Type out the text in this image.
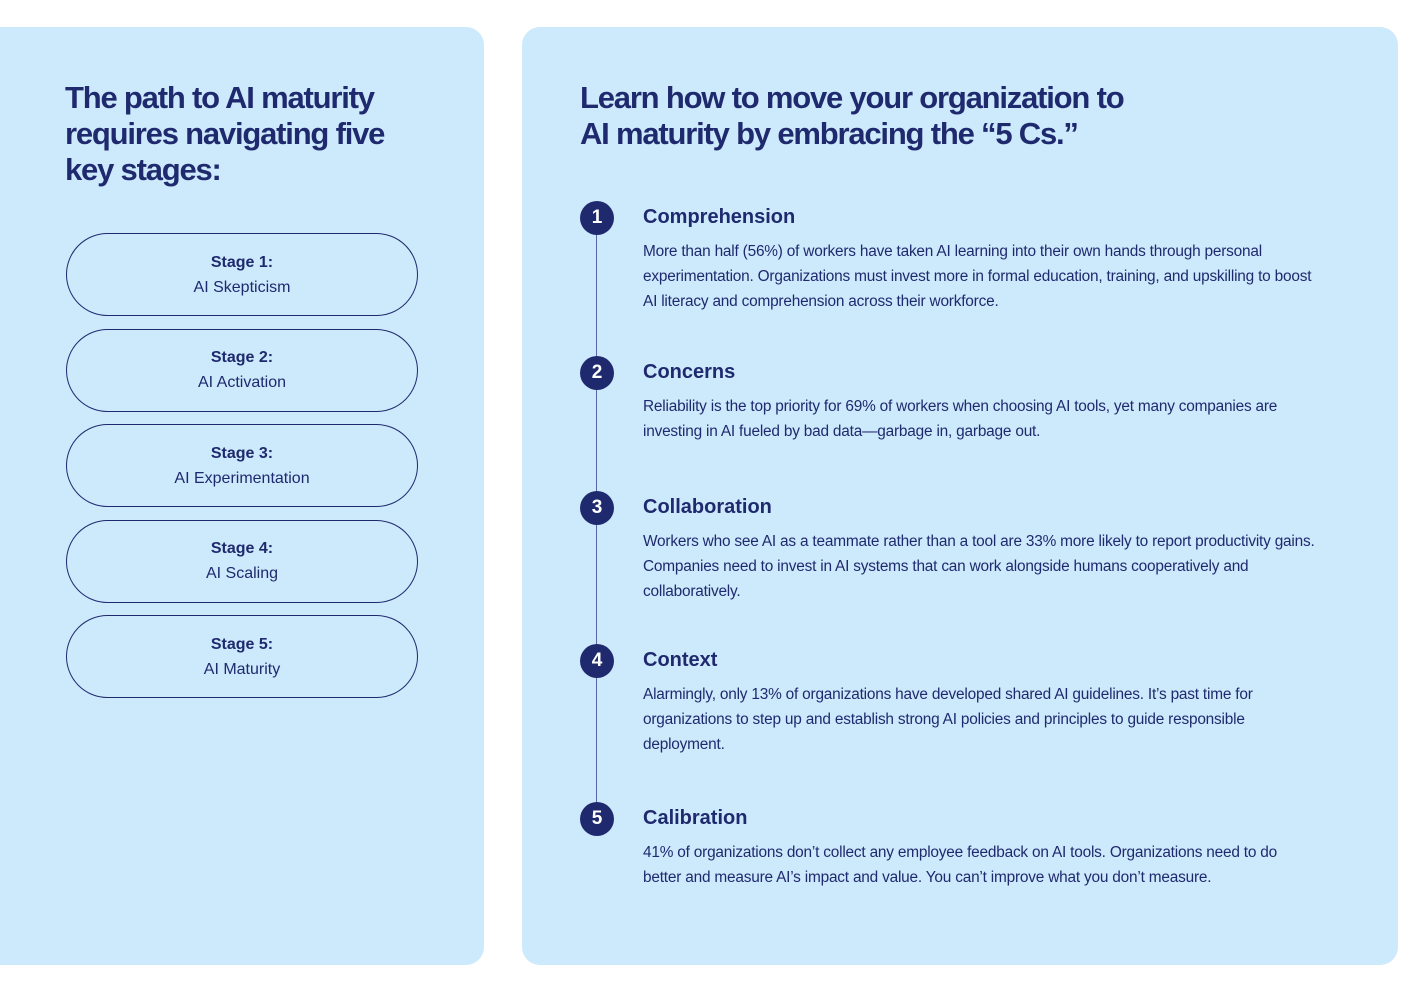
The path to AI maturity requires navigating five key stages:
Stage 1:
AI Skepticism
Stage 2:
AI Activation
Stage 3:
AI Experimentation
Stage 4:
AI Scaling
Stage 5:
AI Maturity
Learn how to move your organization to AI maturity by embracing the “5 Cs.”
1	Comprehension

More than half (56%) of workers have taken AI learning into their own hands through personal experimentation. Organizations must invest more in formal education, training, and upskilling to boost AI literacy and comprehension across their workforce.

2	Concerns

Reliability is the top priority for 69% of workers when choosing AI tools, yet many companies are investing in AI fueled by bad data—garbage in, garbage out.

3	Collaboration

Workers who see AI as a teammate rather than a tool are 33% more likely to report productivity gains. Companies need to invest in AI systems that can work alongside humans cooperatively and collaboratively.

4	Context

Alarmingly, only 13% of organizations have developed shared AI guidelines. It’s past time for organizations to step up and establish strong AI policies and principles to guide responsible deployment.

5	Calibration

41% of organizations don’t collect any employee feedback on AI tools. Organizations need to do better and measure AI’s impact and value. You can’t improve what you don’t measure.
